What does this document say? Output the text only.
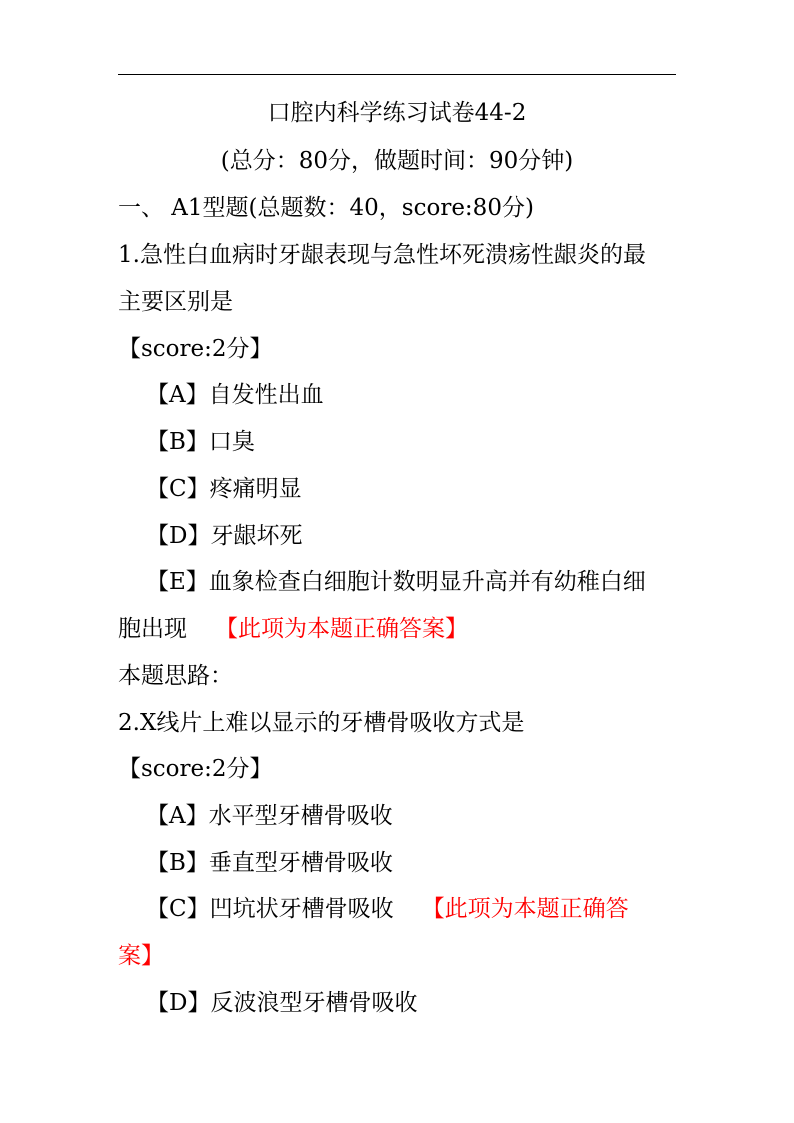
口腔内科学练习试卷44-2
(总分：80分，做题时间：90分钟)
一、 A1型题(总题数：40，score:80分)
1.急性白血病时牙龈表现与急性坏死溃疡性龈炎的最
主要区别是
【score:2分】
【A】自发性出血
【B】口臭
【C】疼痛明显
【D】牙龈坏死
【E】血象检查白细胞计数明显升高并有幼稚白细
胞出现 【此项为本题正确答案】
本题思路：
2.X线片上难以显示的牙槽骨吸收方式是
【score:2分】
【A】水平型牙槽骨吸收
【B】垂直型牙槽骨吸收
【C】凹坑状牙槽骨吸收 【此项为本题正确答
案】
【D】反波浪型牙槽骨吸收
